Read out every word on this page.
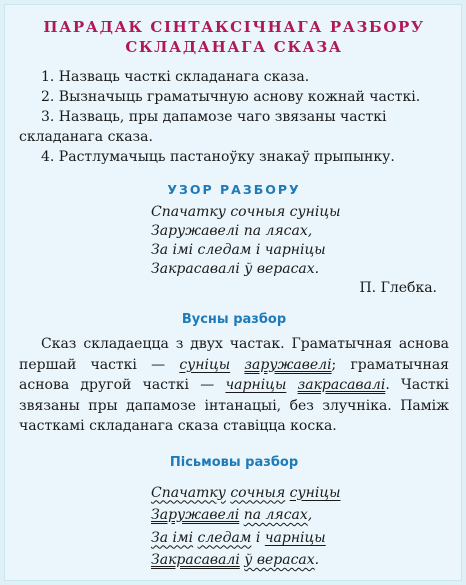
ПАРАДАК СІНТАКСІЧНАГА РАЗБОРУ
СКЛАДАНАГА СКАЗА
1. Назваць часткі складанага сказа.
2. Вызначыць граматычную аснову кожнай часткі.
3. Назваць, пры дапамозе чаго звязаны часткі складанага сказа.
4. Растлумачыць пастаноўку знакаў прыпынку.
УЗОР РАЗБОРУ
Спачатку сочныя суніцы
Заружавелі па лясах,
За імі следам і чарніцы
Закрасавалі ў верасах.
П. Глебка.
Вусны разбор
Сказ складаецца з двух частак. Граматычная аснова першай часткі — суніцы заружавелі; граматычная аснова другой часткі — чарніцы закрасавалі. Часткі звязаны пры дапамозе інтанацыі, без злучніка. Паміж часткамі складанага сказа ставіцца коска.
Пісьмовы разбор
Спачатку сочныя суніцы
Заружавелі па лясах,
За імі следам і чарніцы
Закрасавалі ў верасах.
